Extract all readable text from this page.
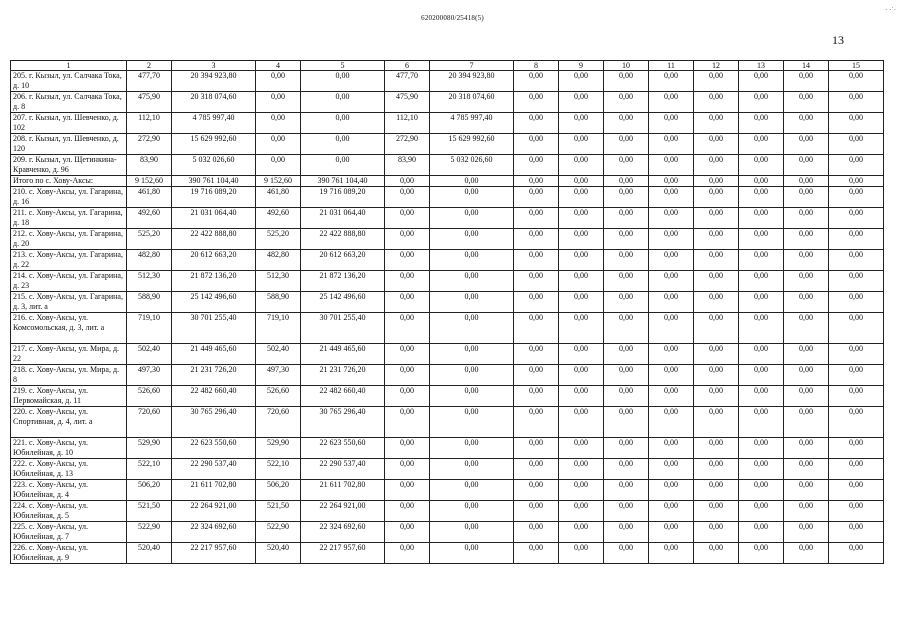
· ·˙·
620200080/25418(5)
13
1	2	3	4	5	6	7	8	9	10	11	12	13	14	15
205. г. Кызыл, ул. Салчака Тока, д. 10	477,70	20 394 923,80	0,00	0,00	477,70	20 394 923,80	0,00	0,00	0,00	0,00	0,00	0,00	0,00	0,00
206. г. Кызыл, ул. Салчака Тока, д. 8	475,90	20 318 074,60	0,00	0,00	475,90	20 318 074,60	0,00	0,00	0,00	0,00	0,00	0,00	0,00	0,00
207. г. Кызыл, ул. Шевченко, д. 102	112,10	4 785 997,40	0,00	0,00	112,10	4 785 997,40	0,00	0,00	0,00	0,00	0,00	0,00	0,00	0,00
208. г. Кызыл, ул. Шевченко, д. 120	272,90	15 629 992,60	0,00	0,00	272,90	15 629 992,60	0,00	0,00	0,00	0,00	0,00	0,00	0,00	0,00
209. г. Кызыл, ул. Щетинкина-Кравченко, д. 96	83,90	5 032 026,60	0,00	0,00	83,90	5 032 026,60	0,00	0,00	0,00	0,00	0,00	0,00	0,00	0,00
Итого по с. Хову-Аксы:	9 152,60	390 761 104,40	9 152,60	390 761 104,40	0,00	0,00	0,00	0,00	0,00	0,00	0,00	0,00	0,00	0,00
210. с. Хову-Аксы, ул. Гагарина, д. 16	461,80	19 716 089,20	461,80	19 716 089,20	0,00	0,00	0,00	0,00	0,00	0,00	0,00	0,00	0,00	0,00
211. с. Хову-Аксы, ул. Гагарина, д. 18	492,60	21 031 064,40	492,60	21 031 064,40	0,00	0,00	0,00	0,00	0,00	0,00	0,00	0,00	0,00	0,00
212. с. Хову-Аксы, ул. Гагарина, д. 20	525,20	22 422 888,80	525,20	22 422 888,80	0,00	0,00	0,00	0,00	0,00	0,00	0,00	0,00	0,00	0,00
213. с. Хову-Аксы, ул. Гагарина, д. 22	482,80	20 612 663,20	482,80	20 612 663,20	0,00	0,00	0,00	0,00	0,00	0,00	0,00	0,00	0,00	0,00
214. с. Хову-Аксы, ул. Гагарина, д. 23	512,30	21 872 136,20	512,30	21 872 136,20	0,00	0,00	0,00	0,00	0,00	0,00	0,00	0,00	0,00	0,00
215. с. Хову-Аксы, ул. Гагарина, д. 3, лит. а	588,90	25 142 496,60	588,90	25 142 496,60	0,00	0,00	0,00	0,00	0,00	0,00	0,00	0,00	0,00	0,00
216. с. Хову-Аксы, ул. Комсомольская, д. 3, лит. а	719,10	30 701 255,40	719,10	30 701 255,40	0,00	0,00	0,00	0,00	0,00	0,00	0,00	0,00	0,00	0,00
217. с. Хову-Аксы, ул. Мира, д. 22	502,40	21 449 465,60	502,40	21 449 465,60	0,00	0,00	0,00	0,00	0,00	0,00	0,00	0,00	0,00	0,00
218. с. Хову-Аксы, ул. Мира, д. 8	497,30	21 231 726,20	497,30	21 231 726,20	0,00	0,00	0,00	0,00	0,00	0,00	0,00	0,00	0,00	0,00
219. с. Хову-Аксы, ул. Первомайская, д. 11	526,60	22 482 660,40	526,60	22 482 660,40	0,00	0,00	0,00	0,00	0,00	0,00	0,00	0,00	0,00	0,00
220. с. Хову-Аксы, ул. Спортивная, д. 4, лит. а	720,60	30 765 296,40	720,60	30 765 296,40	0,00	0,00	0,00	0,00	0,00	0,00	0,00	0,00	0,00	0,00
221. с. Хову-Аксы, ул. Юбилейная, д. 10	529,90	22 623 550,60	529,90	22 623 550,60	0,00	0,00	0,00	0,00	0,00	0,00	0,00	0,00	0,00	0,00
222. с. Хову-Аксы, ул. Юбилейная, д. 13	522,10	22 290 537,40	522,10	22 290 537,40	0,00	0,00	0,00	0,00	0,00	0,00	0,00	0,00	0,00	0,00
223. с. Хову-Аксы, ул. Юбилейная, д. 4	506,20	21 611 702,80	506,20	21 611 702,80	0,00	0,00	0,00	0,00	0,00	0,00	0,00	0,00	0,00	0,00
224. с. Хову-Аксы, ул. Юбилейная, д. 5	521,50	22 264 921,00	521,50	22 264 921,00	0,00	0,00	0,00	0,00	0,00	0,00	0,00	0,00	0,00	0,00
225. с. Хову-Аксы, ул. Юбилейная, д. 7	522,90	22 324 692,60	522,90	22 324 692,60	0,00	0,00	0,00	0,00	0,00	0,00	0,00	0,00	0,00	0,00
226. с. Хову-Аксы, ул. Юбилейная, д. 9	520,40	22 217 957,60	520,40	22 217 957,60	0,00	0,00	0,00	0,00	0,00	0,00	0,00	0,00	0,00	0,00
